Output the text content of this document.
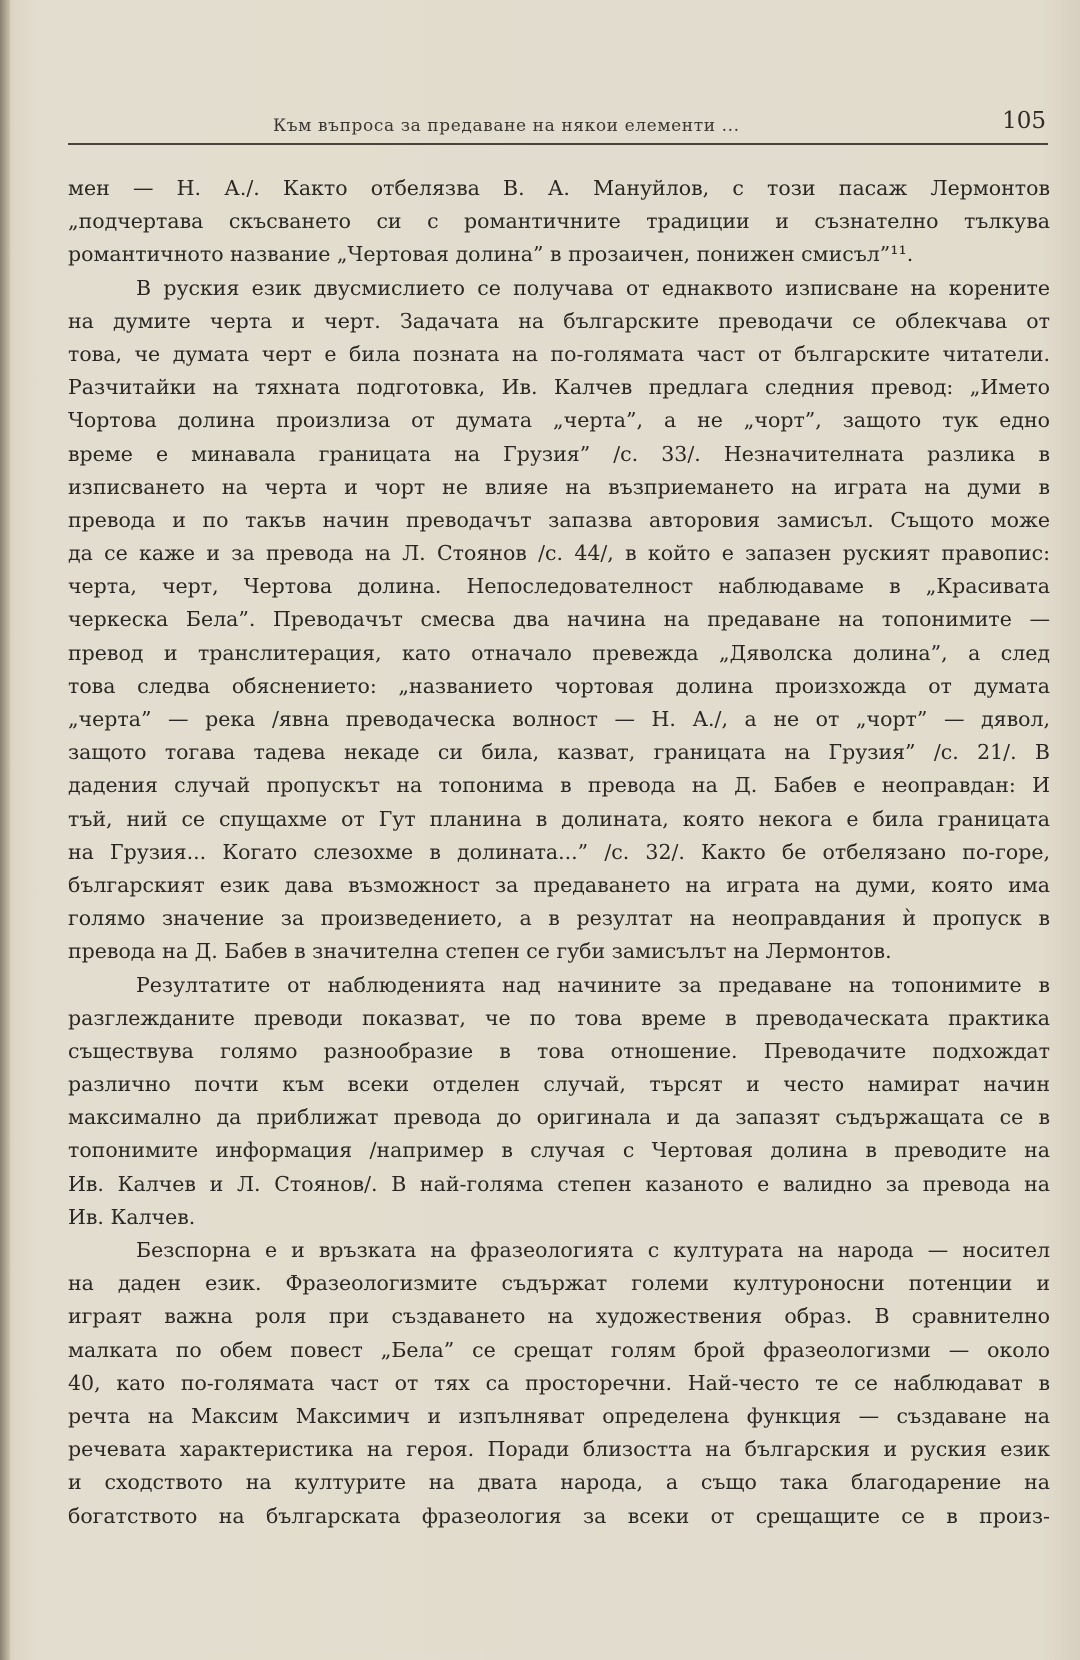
Към въпроса за предаване на някои елементи ...	105
мен — Н. А./. Както отбелязва В. А. Мануйлов, с този пасаж Лермонтов
„подчертава скъсването си с романтичните традиции и съзнателно тълкува
романтичното название „Чертовая долина” в прозаичен, понижен смисъл”¹¹.
В руския език двусмислието се получава от еднаквото изписване на корените
на думите черта и черт. Задачата на българските преводачи се облекчава от
това, че думата черт е била позната на по-голямата част от българските читатели.
Разчитайки на тяхната подготовка, Ив. Калчев предлага следния превод: „Името
Чортова долина произлиза от думата „черта”, а не „чорт”, защото тук едно
време е минавала границата на Грузия” /с. 33/. Незначителната разлика в
изписването на черта и чорт не влияе на възприемането на играта на думи в
превода и по такъв начин преводачът запазва авторовия замисъл. Същото може
да се каже и за превода на Л. Стоянов /с. 44/, в който е запазен руският правопис:
черта, черт, Чертова долина. Непоследователност наблюдаваме в „Красивата
черкеска Бела”. Преводачът смесва два начина на предаване на топонимите —
превод и транслитерация, като отначало превежда „Дяволска долина”, а след
това следва обяснението: „названието чортовая долина произхожда от думата
„черта” — река /явна преводаческа волност — Н. А./, а не от „чорт” — дявол,
защото тогава тадева некаде си била, казват, границата на Грузия” /с. 21/. В
дадения случай пропускът на топонима в превода на Д. Бабев е неоправдан: И
тъй, ний се спущахме от Гут планина в долината, която некога е била границата
на Грузия... Когато слезохме в долината...” /с. 32/. Както бе отбелязано по-горе,
българският език дава възможност за предаването на играта на думи, която има
голямо значение за произведението, а в резултат на неоправдания ѝ пропуск в
превода на Д. Бабев в значителна степен се губи замисълът на Лермонтов.
Резултатите от наблюденията над начините за предаване на топонимите в
разглежданите преводи показват, че по това време в преводаческата практика
съществува голямо разнообразие в това отношение. Преводачите подхождат
различно почти към всеки отделен случай, търсят и често намират начин
максимално да приближат превода до оригинала и да запазят съдържащата се в
топонимите информация /например в случая с Чертовая долина в преводите на
Ив. Калчев и Л. Стоянов/. В най-голяма степен казаното е валидно за превода на
Ив. Калчев.
Безспорна е и връзката на фразеологията с културата на народа — носител
на даден език. Фразеологизмите съдържат големи културоносни потенции и
играят важна роля при създаването на художествения образ. В сравнително
малката по обем повест „Бела” се срещат голям брой фразеологизми — около
40, като по-голямата част от тях са просторечни. Най-често те се наблюдават в
речта на Максим Максимич и изпълняват определена функция — създаване на
речевата характеристика на героя. Поради близостта на българския и руския език
и сходството на културите на двата народа, а също така благодарение на
богатството на българската фразеология за всеки от срещащите се в произ-
